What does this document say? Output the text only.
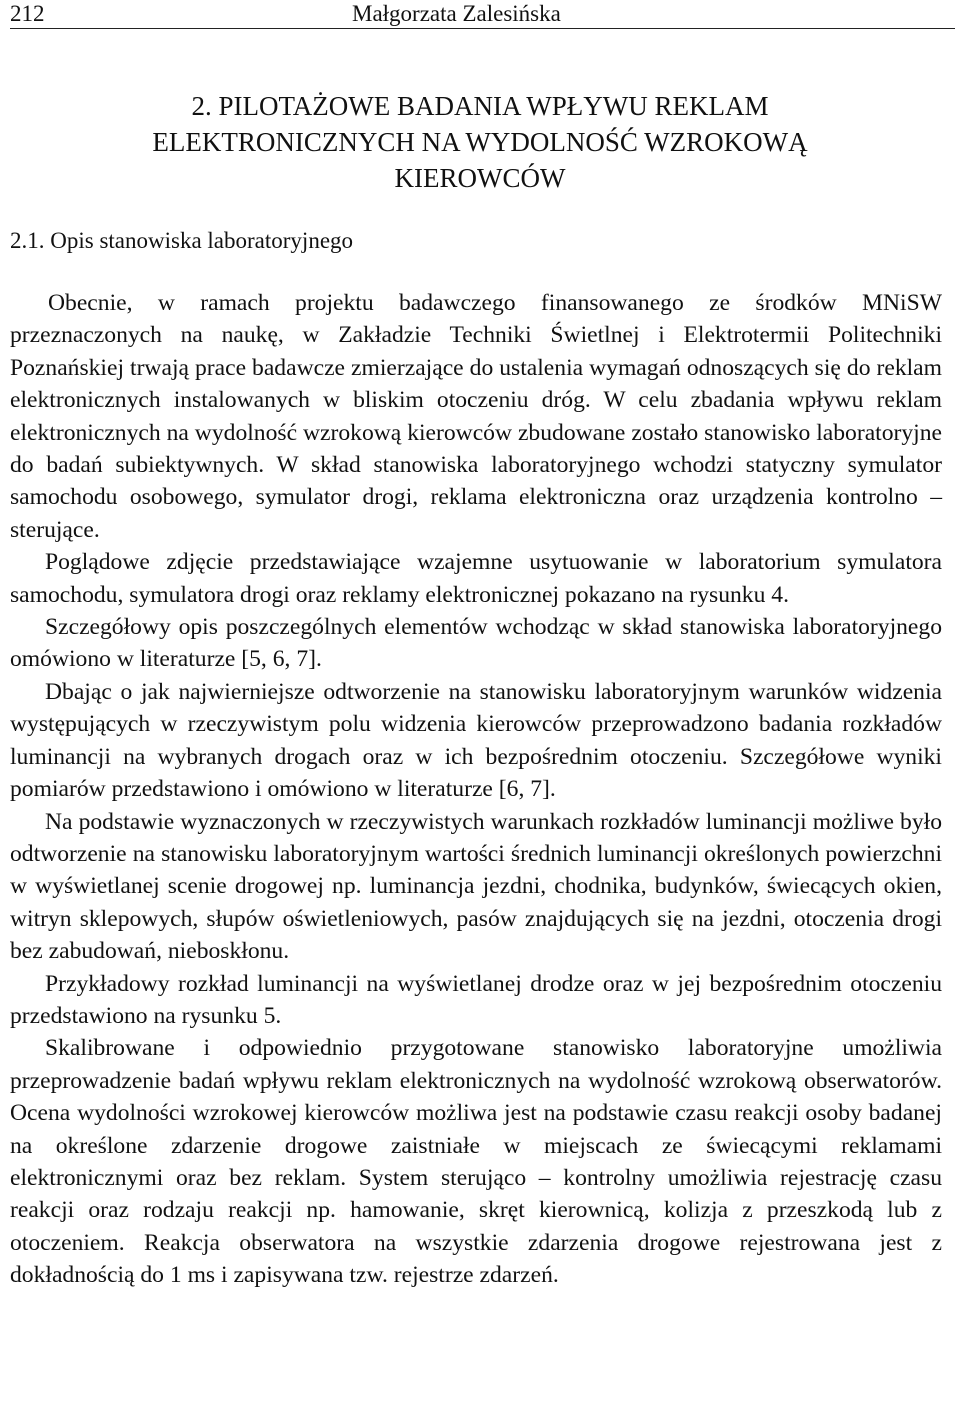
212	Małgorzata Zalesińska
2. PILOTAŻOWE BADANIA WPŁYWU REKLAM ELEKTRONICZNYCH NA WYDOLNOŚĆ WZROKOWĄ KIEROWCÓW
2.1. Opis stanowiska laboratoryjnego

Obecnie, w ramach projektu badawczego finansowanego ze środków MNiSW przeznaczonych na naukę, w Zakładzie Techniki Świetlnej i Elektrotermii Politechniki Poznańskiej trwają prace badawcze zmierzające do ustalenia wymagań odnoszących się do reklam elektronicznych instalowanych w bliskim otoczeniu dróg. W celu zbadania wpływu reklam elektronicznych na wydolność wzrokową kierowców zbudowane zostało stanowisko laboratoryjne do badań subiektywnych. W skład stanowiska laboratoryjnego wchodzi statyczny symulator samochodu osobowego, symulator drogi, reklama elektroniczna oraz urządzenia kontrolno – sterujące.

Poglądowe zdjęcie przedstawiające wzajemne usytuowanie w laboratorium symulatora samochodu, symulatora drogi oraz reklamy elektronicznej pokazano na rysunku 4.

Szczegółowy opis poszczególnych elementów wchodząc w skład stanowiska laboratoryjnego omówiono w literaturze [5, 6, 7].

Dbając o jak najwierniejsze odtworzenie na stanowisku laboratoryjnym warunków widzenia występujących w rzeczywistym polu widzenia kierowców przeprowadzono badania rozkładów luminancji na wybranych drogach oraz w ich bezpośrednim otoczeniu. Szczegółowe wyniki pomiarów przedstawiono i omówiono w literaturze [6, 7].

Na podstawie wyznaczonych w rzeczywistych warunkach rozkładów luminancji możliwe było odtworzenie na stanowisku laboratoryjnym wartości średnich luminancji określonych powierzchni w wyświetlanej scenie drogowej np. luminancja jezdni, chodnika, budynków, świecących okien, witryn sklepowych, słupów oświetleniowych, pasów znajdujących się na jezdni, otoczenia drogi bez zabudowań, nieboskłonu.

Przykładowy rozkład luminancji na wyświetlanej drodze oraz w jej bezpośrednim otoczeniu przedstawiono na rysunku 5.

Skalibrowane i odpowiednio przygotowane stanowisko laboratoryjne umożliwia przeprowadzenie badań wpływu reklam elektronicznych na wydolność wzrokową obserwatorów. Ocena wydolności wzrokowej kierowców możliwa jest na podstawie czasu reakcji osoby badanej na określone zdarzenie drogowe zaistniałe w miejscach ze świecącymi reklamami elektronicznymi oraz bez reklam. System sterująco – kontrolny umożliwia rejestrację czasu reakcji oraz rodzaju reakcji np. hamowanie, skręt kierownicą, kolizja z przeszkodą lub z otoczeniem. Reakcja obserwatora na wszystkie zdarzenia drogowe rejestrowana jest z dokładnością do 1 ms i zapisywana tzw. rejestrze zdarzeń.
